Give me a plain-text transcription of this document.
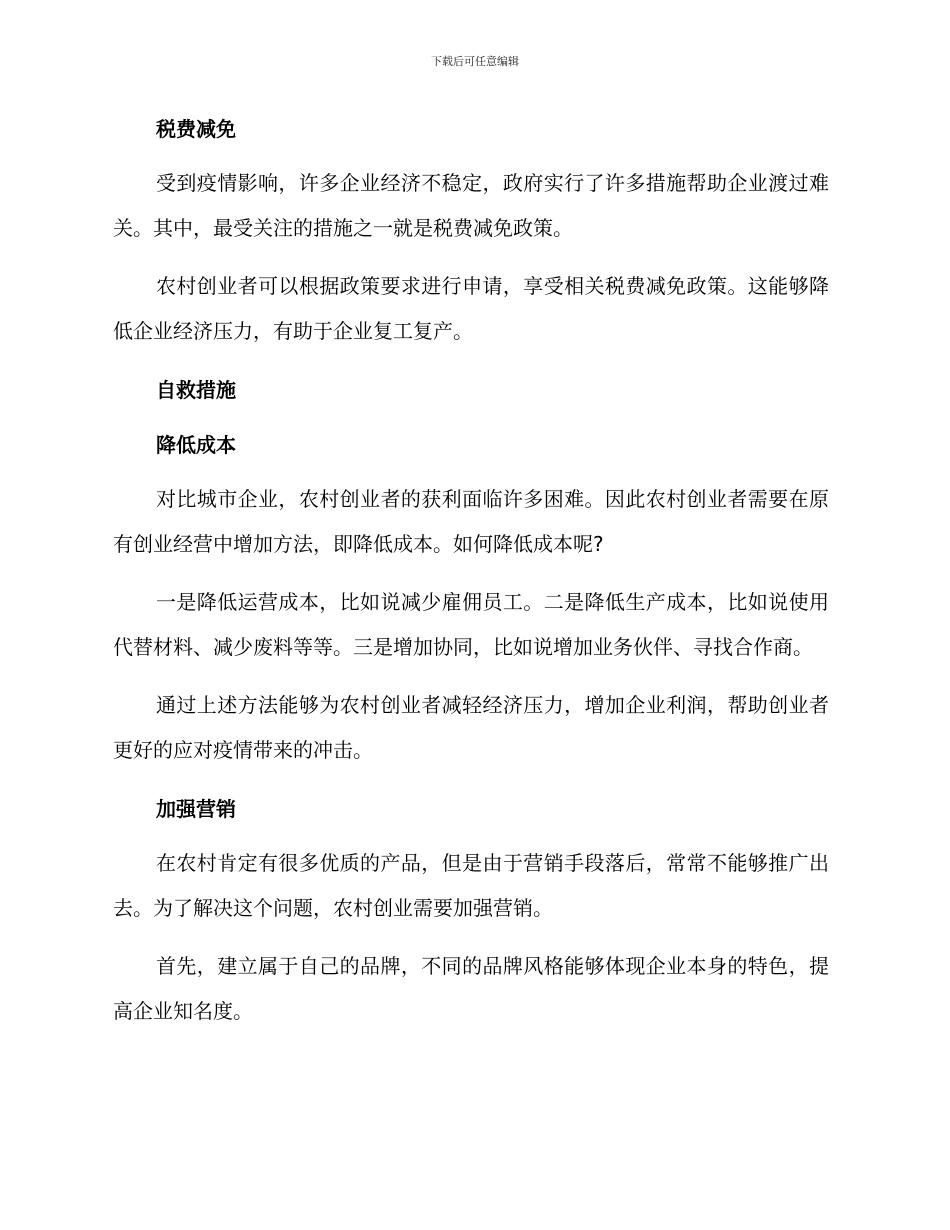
下载后可任意编辑
税费减免

受到疫情影响，许多企业经济不稳定，政府实行了许多措施帮助企业渡过难关。其中，最受关注的措施之一就是税费减免政策。

农村创业者可以根据政策要求进行申请，享受相关税费减免政策。这能够降低企业经济压力，有助于企业复工复产。

自救措施
降低成本

对比城市企业，农村创业者的获利面临许多困难。因此农村创业者需要在原有创业经营中增加方法，即降低成本。如何降低成本呢?

一是降低运营成本，比如说减少雇佣员工。二是降低生产成本，比如说使用代替材料、减少废料等等。三是增加协同，比如说增加业务伙伴、寻找合作商。

通过上述方法能够为农村创业者减轻经济压力，增加企业利润，帮助创业者更好的应对疫情带来的冲击。

加强营销

在农村肯定有很多优质的产品，但是由于营销手段落后，常常不能够推广出去。为了解决这个问题，农村创业需要加强营销。

首先，建立属于自己的品牌，不同的品牌风格能够体现企业本身的特色，提高企业知名度。
